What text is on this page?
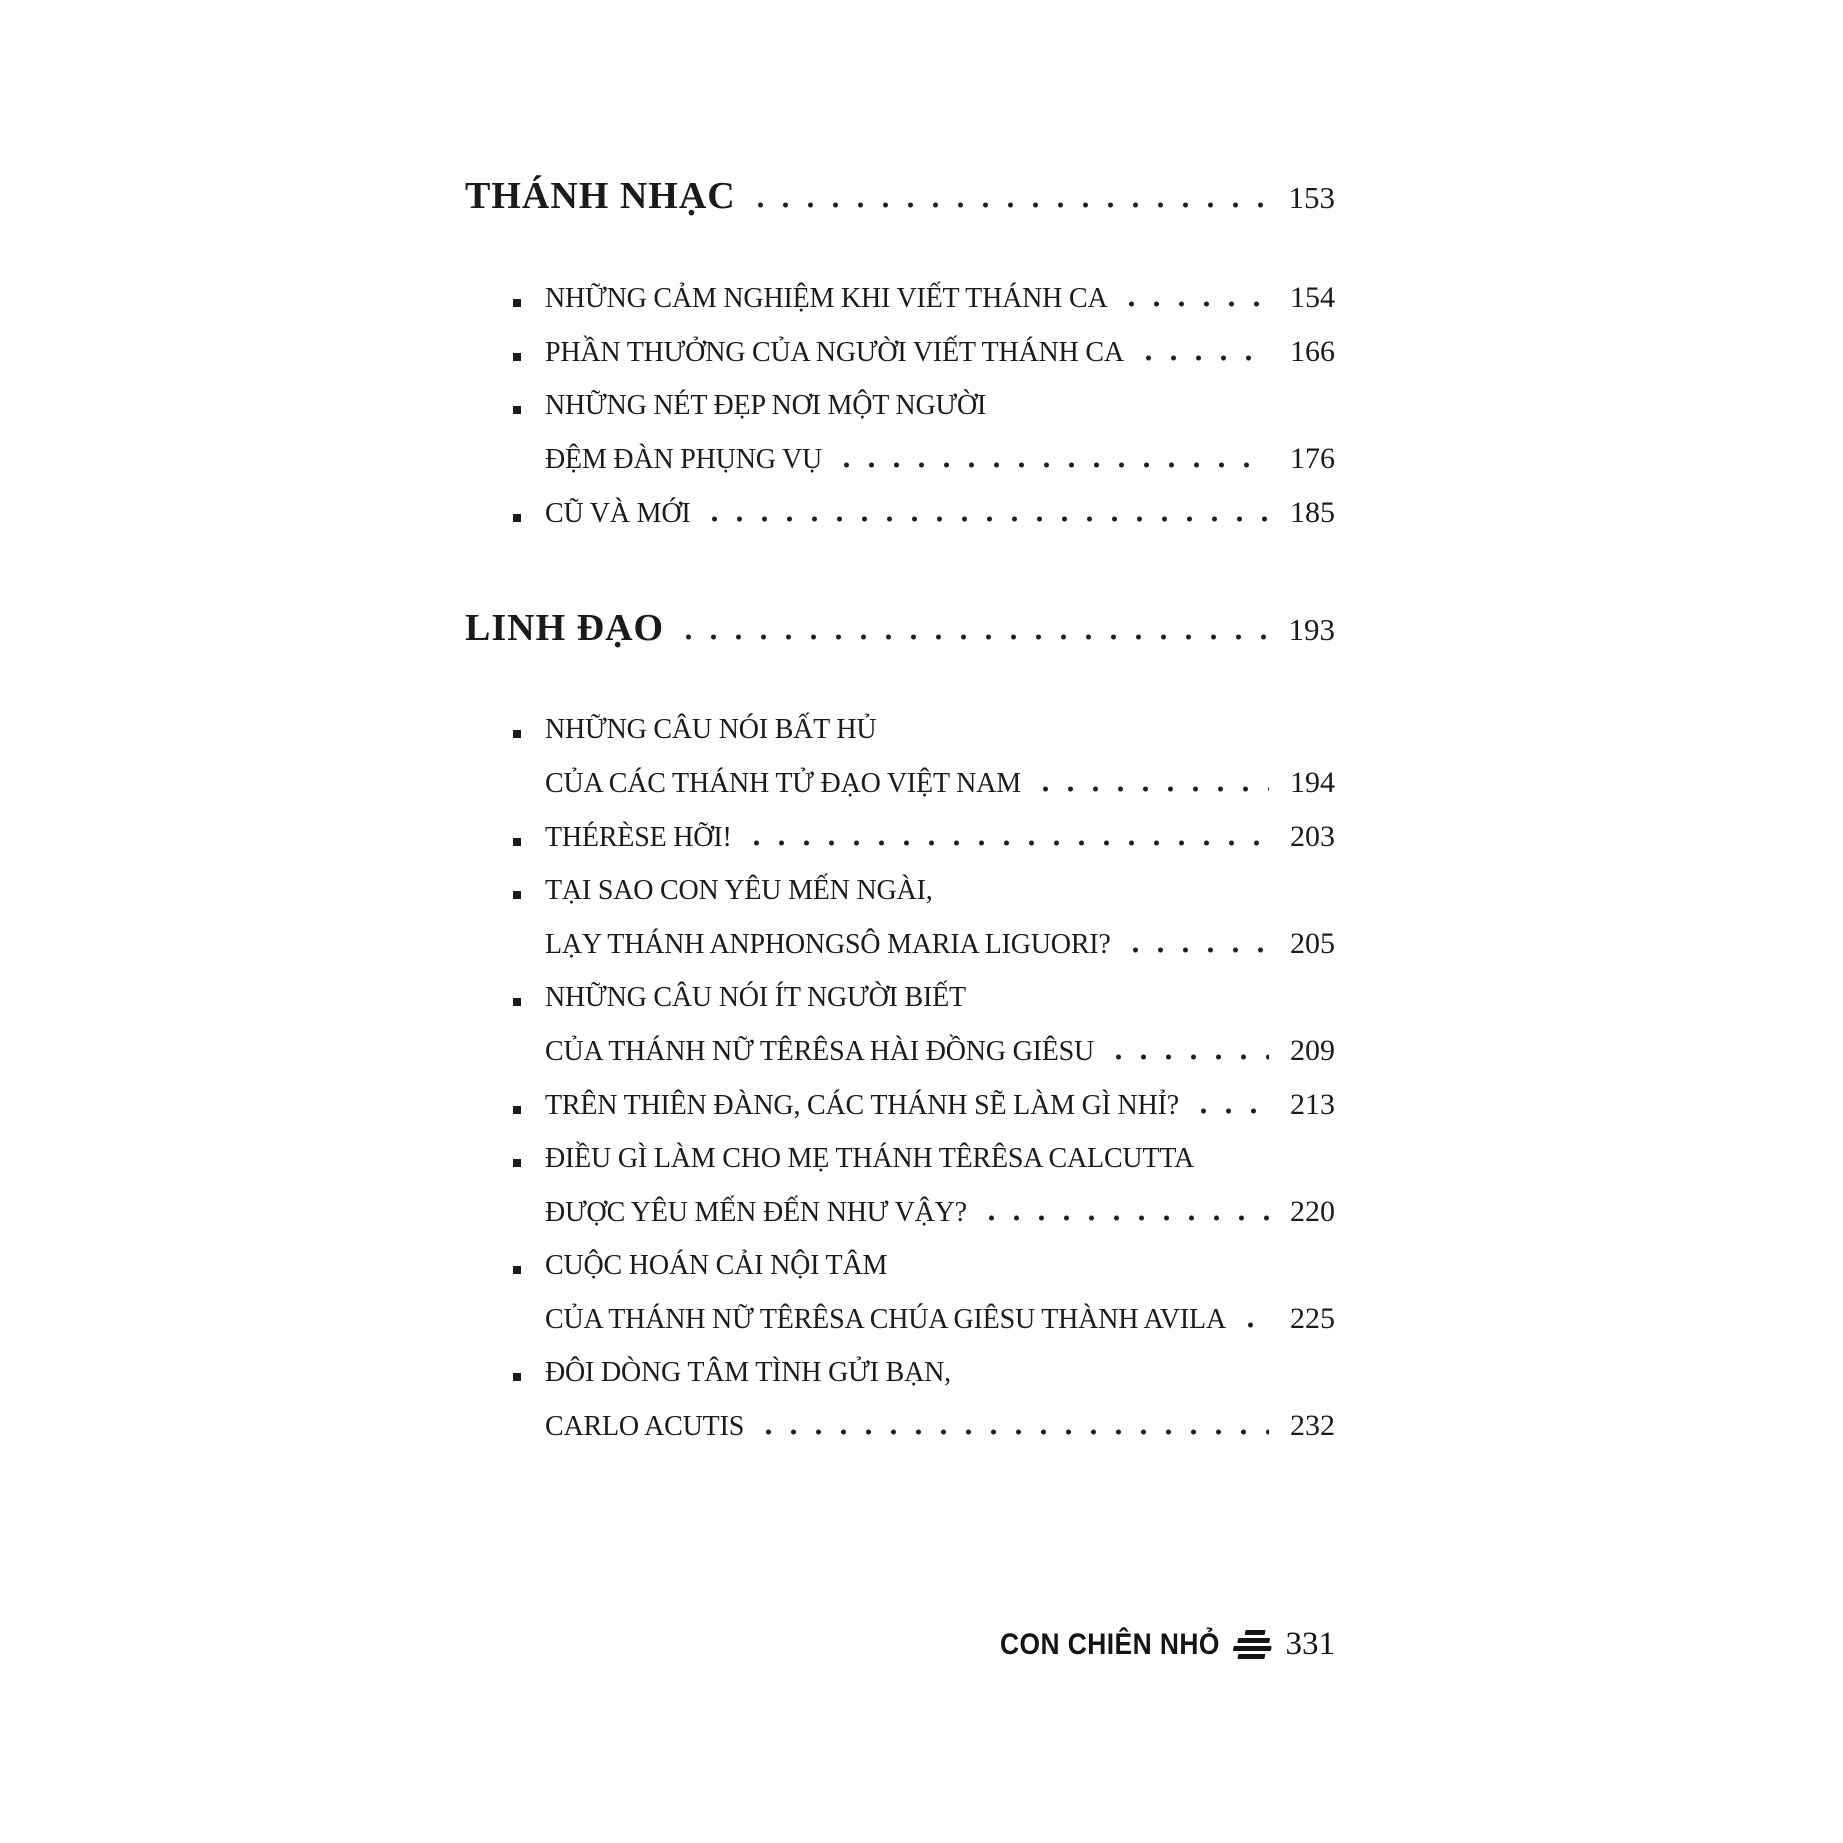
THÁNH NHẠC	153
NHỮNG CẢM NGHIỆM KHI VIẾT THÁNH CA	154
PHẦN THƯỞNG CỦA NGƯỜI VIẾT THÁNH CA	166
NHỮNG NÉT ĐẸP NƠI MỘT NGƯỜI
ĐỆM ĐÀN PHỤNG VỤ	176
CŨ VÀ MỚI	185
LINH ĐẠO	193
NHỮNG CÂU NÓI BẤT HỦ
CỦA CÁC THÁNH TỬ ĐẠO VIỆT NAM	194
THÉRÈSE HỠI!	203
TẠI SAO CON YÊU MẾN NGÀI,
LẠY THÁNH ANPHONGSÔ MARIA LIGUORI?	205
NHỮNG CÂU NÓI ÍT NGƯỜI BIẾT
CỦA THÁNH NỮ TÊRÊSA HÀI ĐỒNG GIÊSU	209
TRÊN THIÊN ĐÀNG, CÁC THÁNH SẼ LÀM GÌ NHỈ?	213
ĐIỀU GÌ LÀM CHO MẸ THÁNH TÊRÊSA CALCUTTA
ĐƯỢC YÊU MẾN ĐẾN NHƯ VẬY?	220
CUỘC HOÁN CẢI NỘI TÂM
CỦA THÁNH NỮ TÊRÊSA CHÚA GIÊSU THÀNH AVILA	225
ĐÔI DÒNG TÂM TÌNH GỬI BẠN,
CARLO ACUTIS	232
CON CHIÊN NHỎ 331
